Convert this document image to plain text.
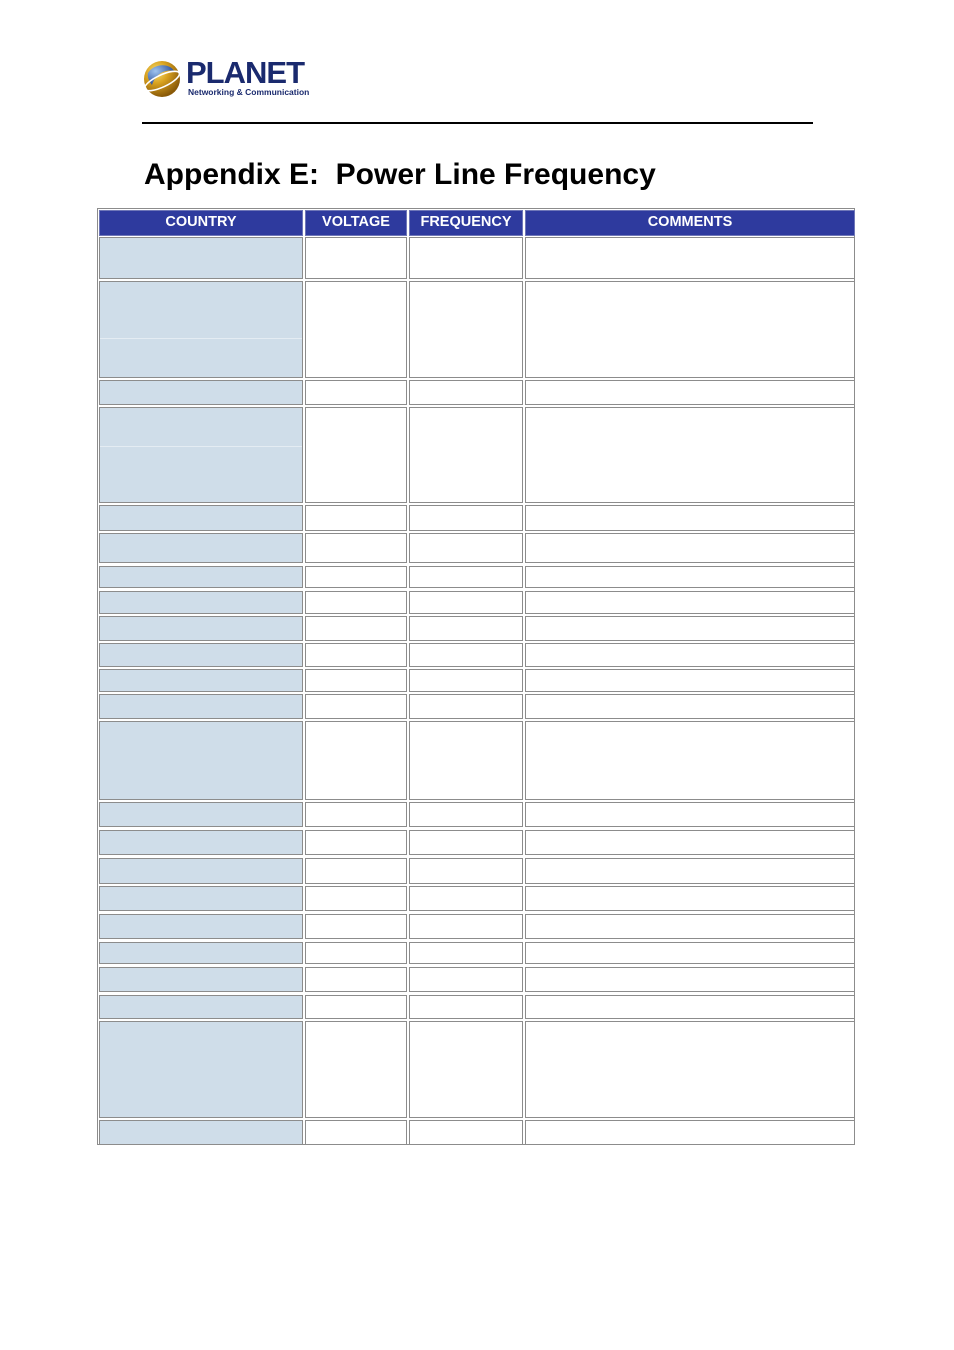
PLANET
Networking & Communication
Appendix E:  Power Line Frequency
COUNTRY	VOLTAGE	FREQUENCY	COMMENTS
